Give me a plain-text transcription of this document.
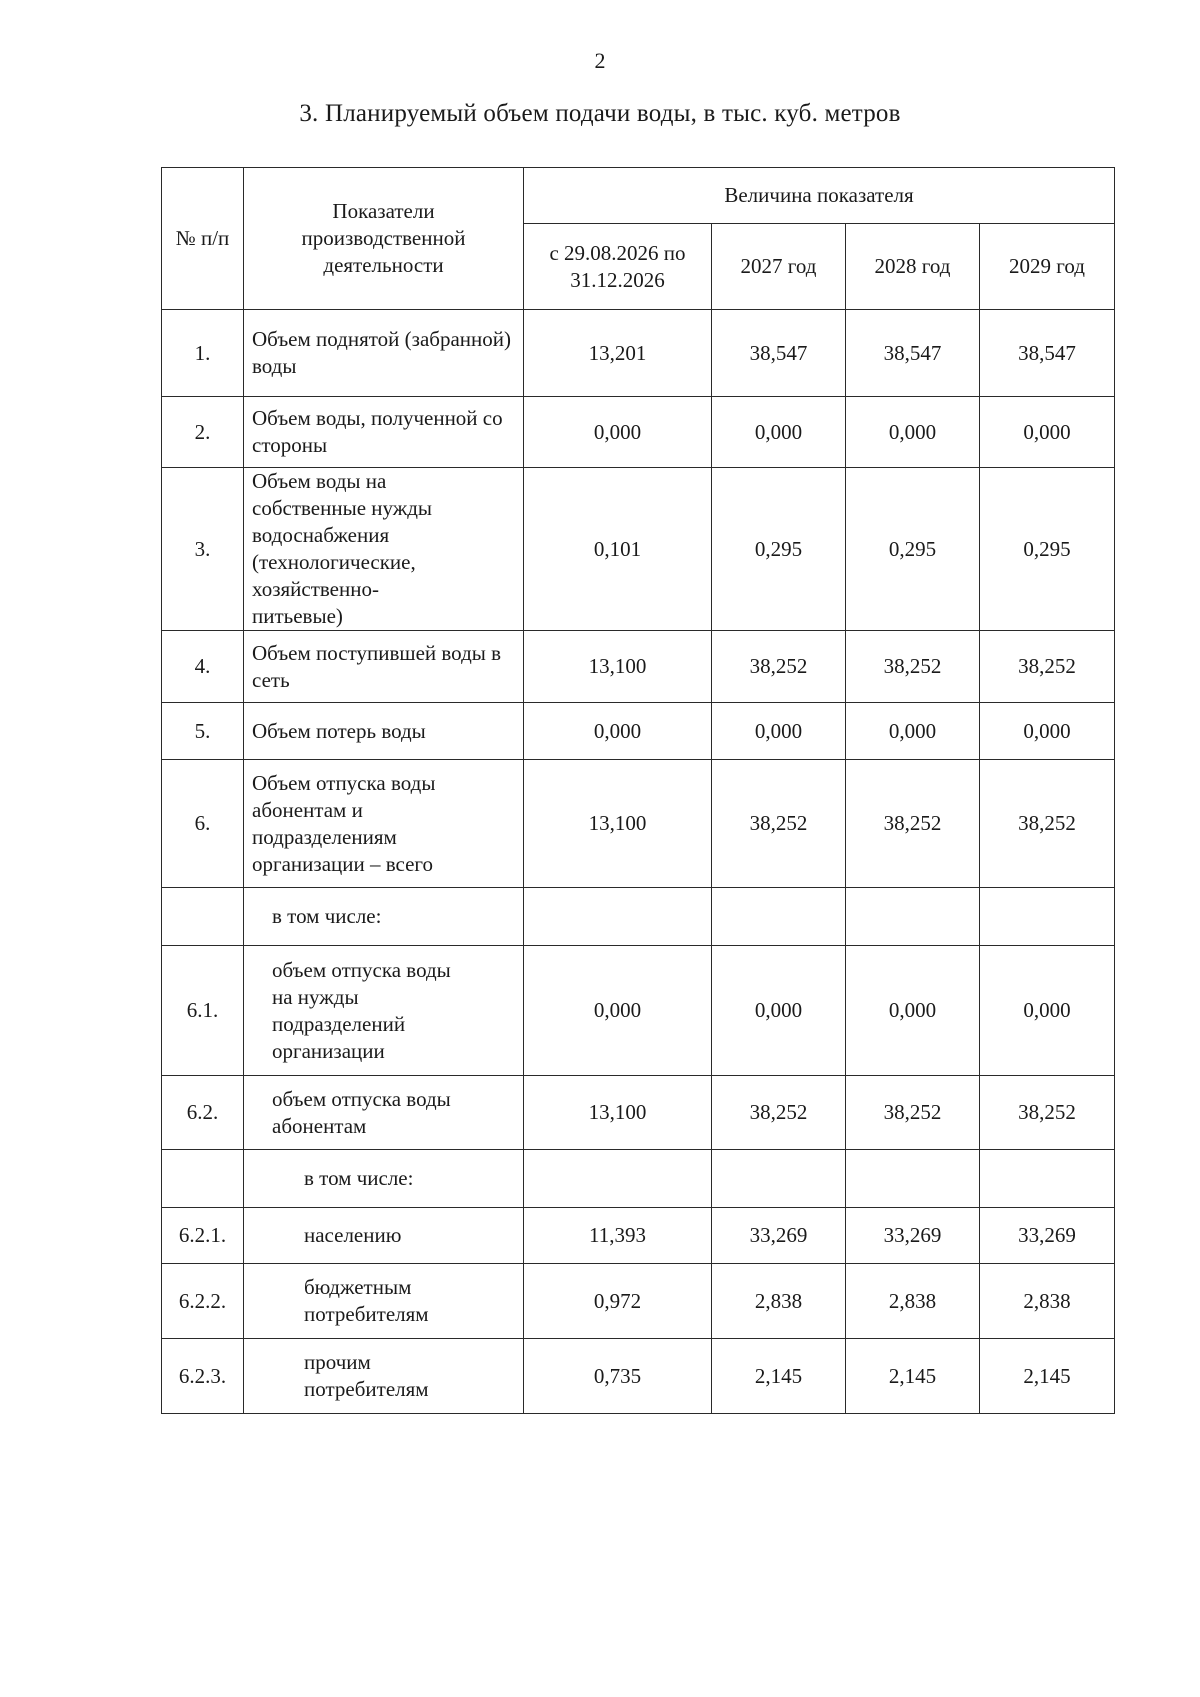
2
3. Планируемый объем подачи воды, в тыс. куб. метров
№ п/п	Показатели производственной деятельности	Величина показателя			
		с 29.08.2026 по 31.12.2026	2027 год	2028 год	2029 год
1.	Объем поднятой (забранной) воды	13,201	38,547	38,547	38,547
2.	Объем воды, полученной со стороны	0,000	0,000	0,000	0,000
3.	Объем воды на собственные нужды водоснабжения (технологические, хозяйственно-питьевые)	0,101	0,295	0,295	0,295
4.	Объем поступившей воды в сеть	13,100	38,252	38,252	38,252
5.	Объем потерь воды	0,000	0,000	0,000	0,000
6.	Объем отпуска воды абонентам и подразделениям организации – всего	13,100	38,252	38,252	38,252
	в том числе:				
6.1.	объем отпуска воды на нужды подразделений организации	0,000	0,000	0,000	0,000
6.2.	объем отпуска воды абонентам	13,100	38,252	38,252	38,252
	в том числе:				
6.2.1.	населению	11,393	33,269	33,269	33,269
6.2.2.	бюджетным потребителям	0,972	2,838	2,838	2,838
6.2.3.	прочим потребителям	0,735	2,145	2,145	2,145
